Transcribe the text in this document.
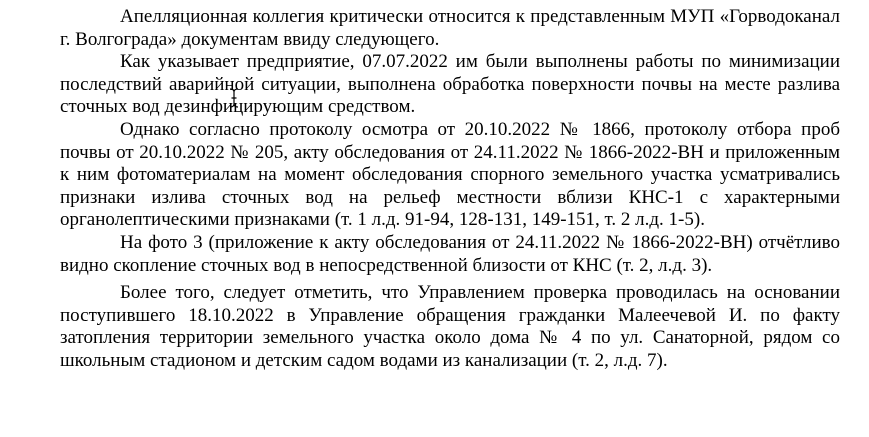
Апелляционная коллегия критически относится к представленным МУП «Горводоканал г. Волгограда» документам ввиду следующего.

Как указывает предприятие, 07.07.2022 им были выполнены работы по минимизации последствий аварийной ситуации, выполнена обработка поверхности почвы на месте разлива сточных вод дезинфицирующим средством.

Однако согласно протоколу осмотра от 20.10.2022 № 1866, протоколу отбора проб почвы от 20.10.2022 № 205, акту обследования от 24.11.2022 № 1866-2022-ВН и приложенным к ним фотоматериалам на момент обследования спорного земельного участка усматривались признаки излива сточных вод на рельеф местности вблизи КНС-1 с характерными органолептическими признаками (т. 1 л.д. 91-94, 128-131, 149-151, т. 2 л.д. 1-5).

На фото 3 (приложение к акту обследования от 24.11.2022 № 1866-2022-ВН) отчётливо видно скопление сточных вод в непосредственной близости от КНС (т. 2, л.д. 3).

Более того, следует отметить, что Управлением проверка проводилась на основании поступившего 18.10.2022 в Управление обращения гражданки Малеечевой И. по факту затопления территории земельного участка около дома № 4 по ул. Санаторной, рядом со школьным стадионом и детским садом водами из канализации (т. 2, л.д. 7).
